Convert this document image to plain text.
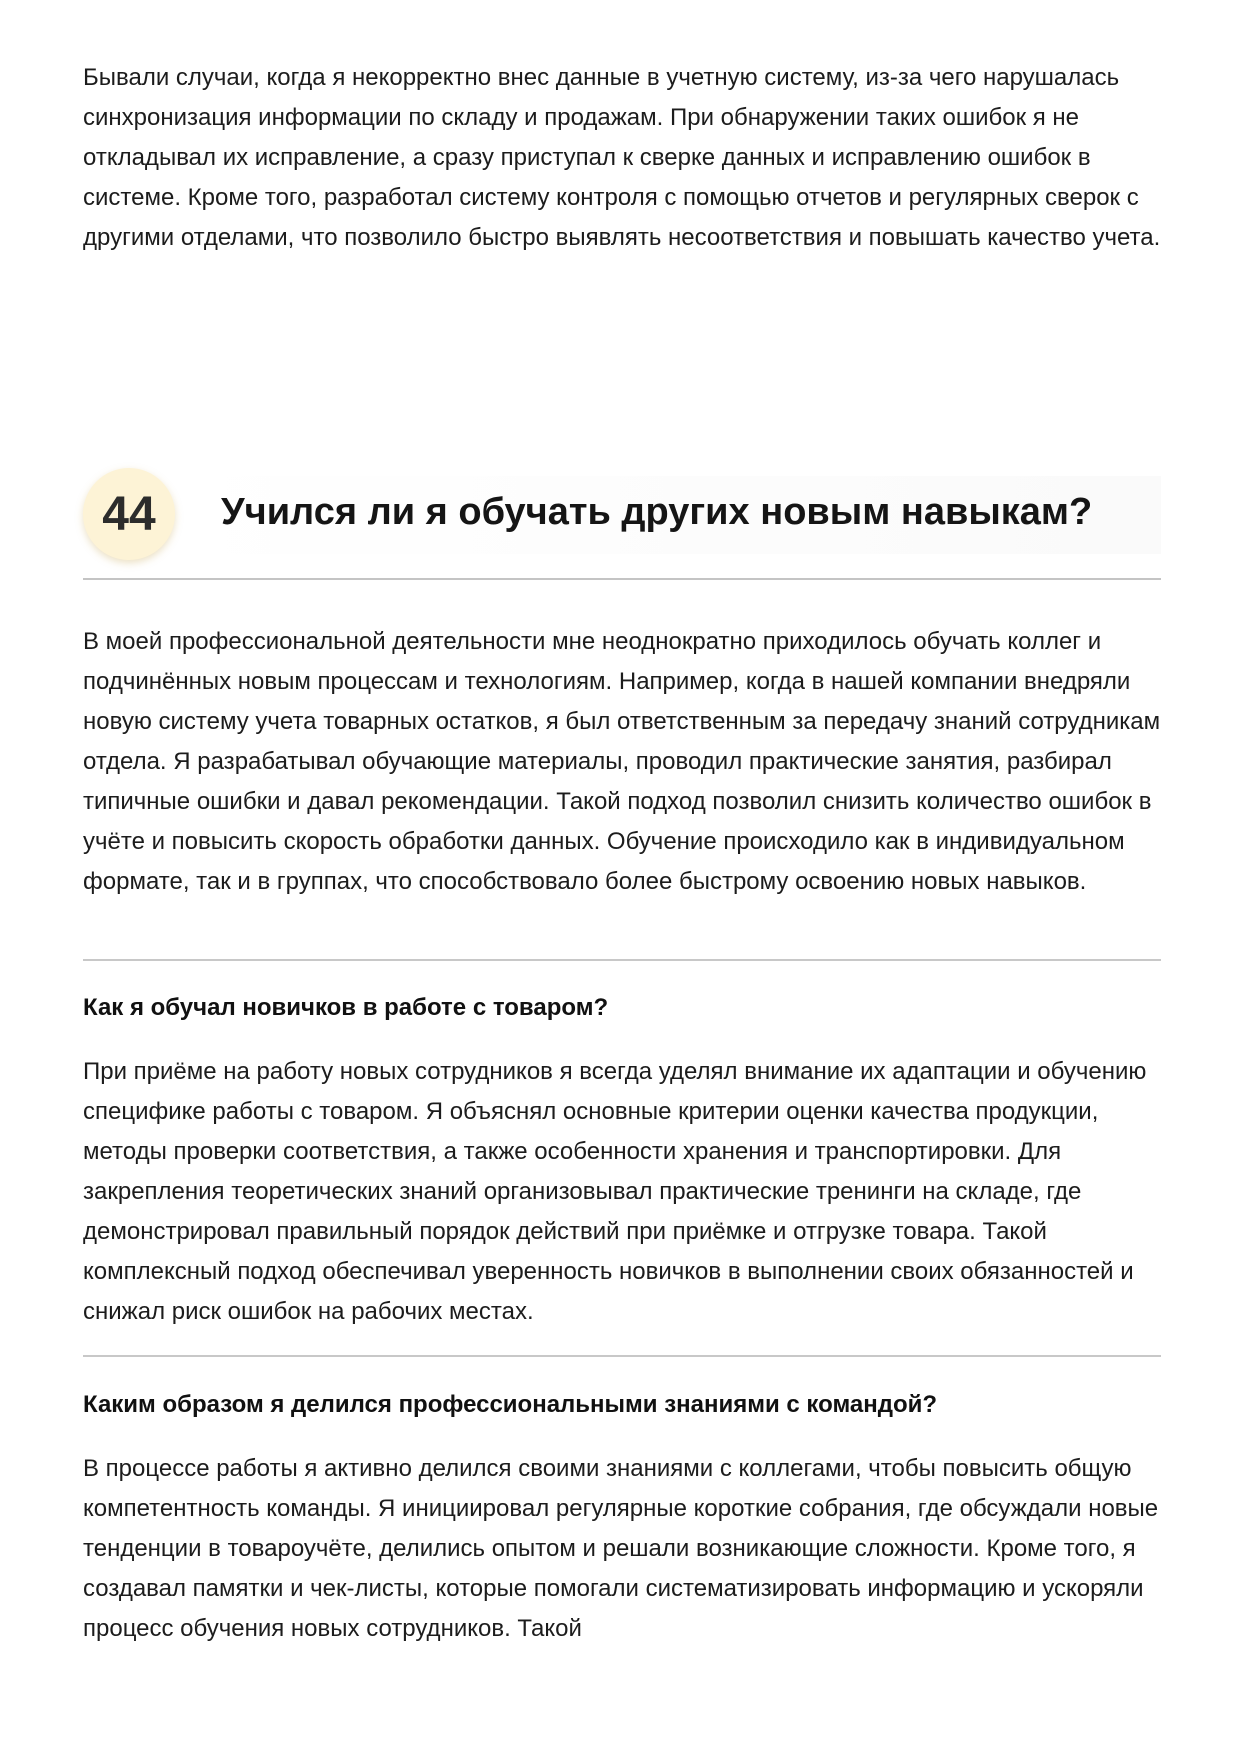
Бывали случаи, когда я некорректно внес данные в учетную систему, из-за чего нарушалась синхронизация информации по складу и продажам. При обнаружении таких ошибок я не откладывал их исправление, а сразу приступал к сверке данных и исправлению ошибок в системе. Кроме того, разработал систему контроля с помощью отчетов и регулярных сверок с другими отделами, что позволило быстро выявлять несоответствия и повышать качество учета.

44	Учился ли я обучать других новым навыкам?

В моей профессиональной деятельности мне неоднократно приходилось обучать коллег и подчинённых новым процессам и технологиям. Например, когда в нашей компании внедряли новую систему учета товарных остатков, я был ответственным за передачу знаний сотрудникам отдела. Я разрабатывал обучающие материалы, проводил практические занятия, разбирал типичные ошибки и давал рекомендации. Такой подход позволил снизить количество ошибок в учёте и повысить скорость обработки данных. Обучение происходило как в индивидуальном формате, так и в группах, что способствовало более быстрому освоению новых навыков.

Как я обучал новичков в работе с товаром?

При приёме на работу новых сотрудников я всегда уделял внимание их адаптации и обучению специфике работы с товаром. Я объяснял основные критерии оценки качества продукции, методы проверки соответствия, а также особенности хранения и транспортировки. Для закрепления теоретических знаний организовывал практические тренинги на складе, где демонстрировал правильный порядок действий при приёмке и отгрузке товара. Такой комплексный подход обеспечивал уверенность новичков в выполнении своих обязанностей и снижал риск ошибок на рабочих местах.

Каким образом я делился профессиональными знаниями с командой?

В процессе работы я активно делился своими знаниями с коллегами, чтобы повысить общую компетентность команды. Я инициировал регулярные короткие собрания, где обсуждали новые тенденции в товароучёте, делились опытом и решали возникающие сложности. Кроме того, я создавал памятки и чек-листы, которые помогали систематизировать информацию и ускоряли процесс обучения новых сотрудников. Такой
